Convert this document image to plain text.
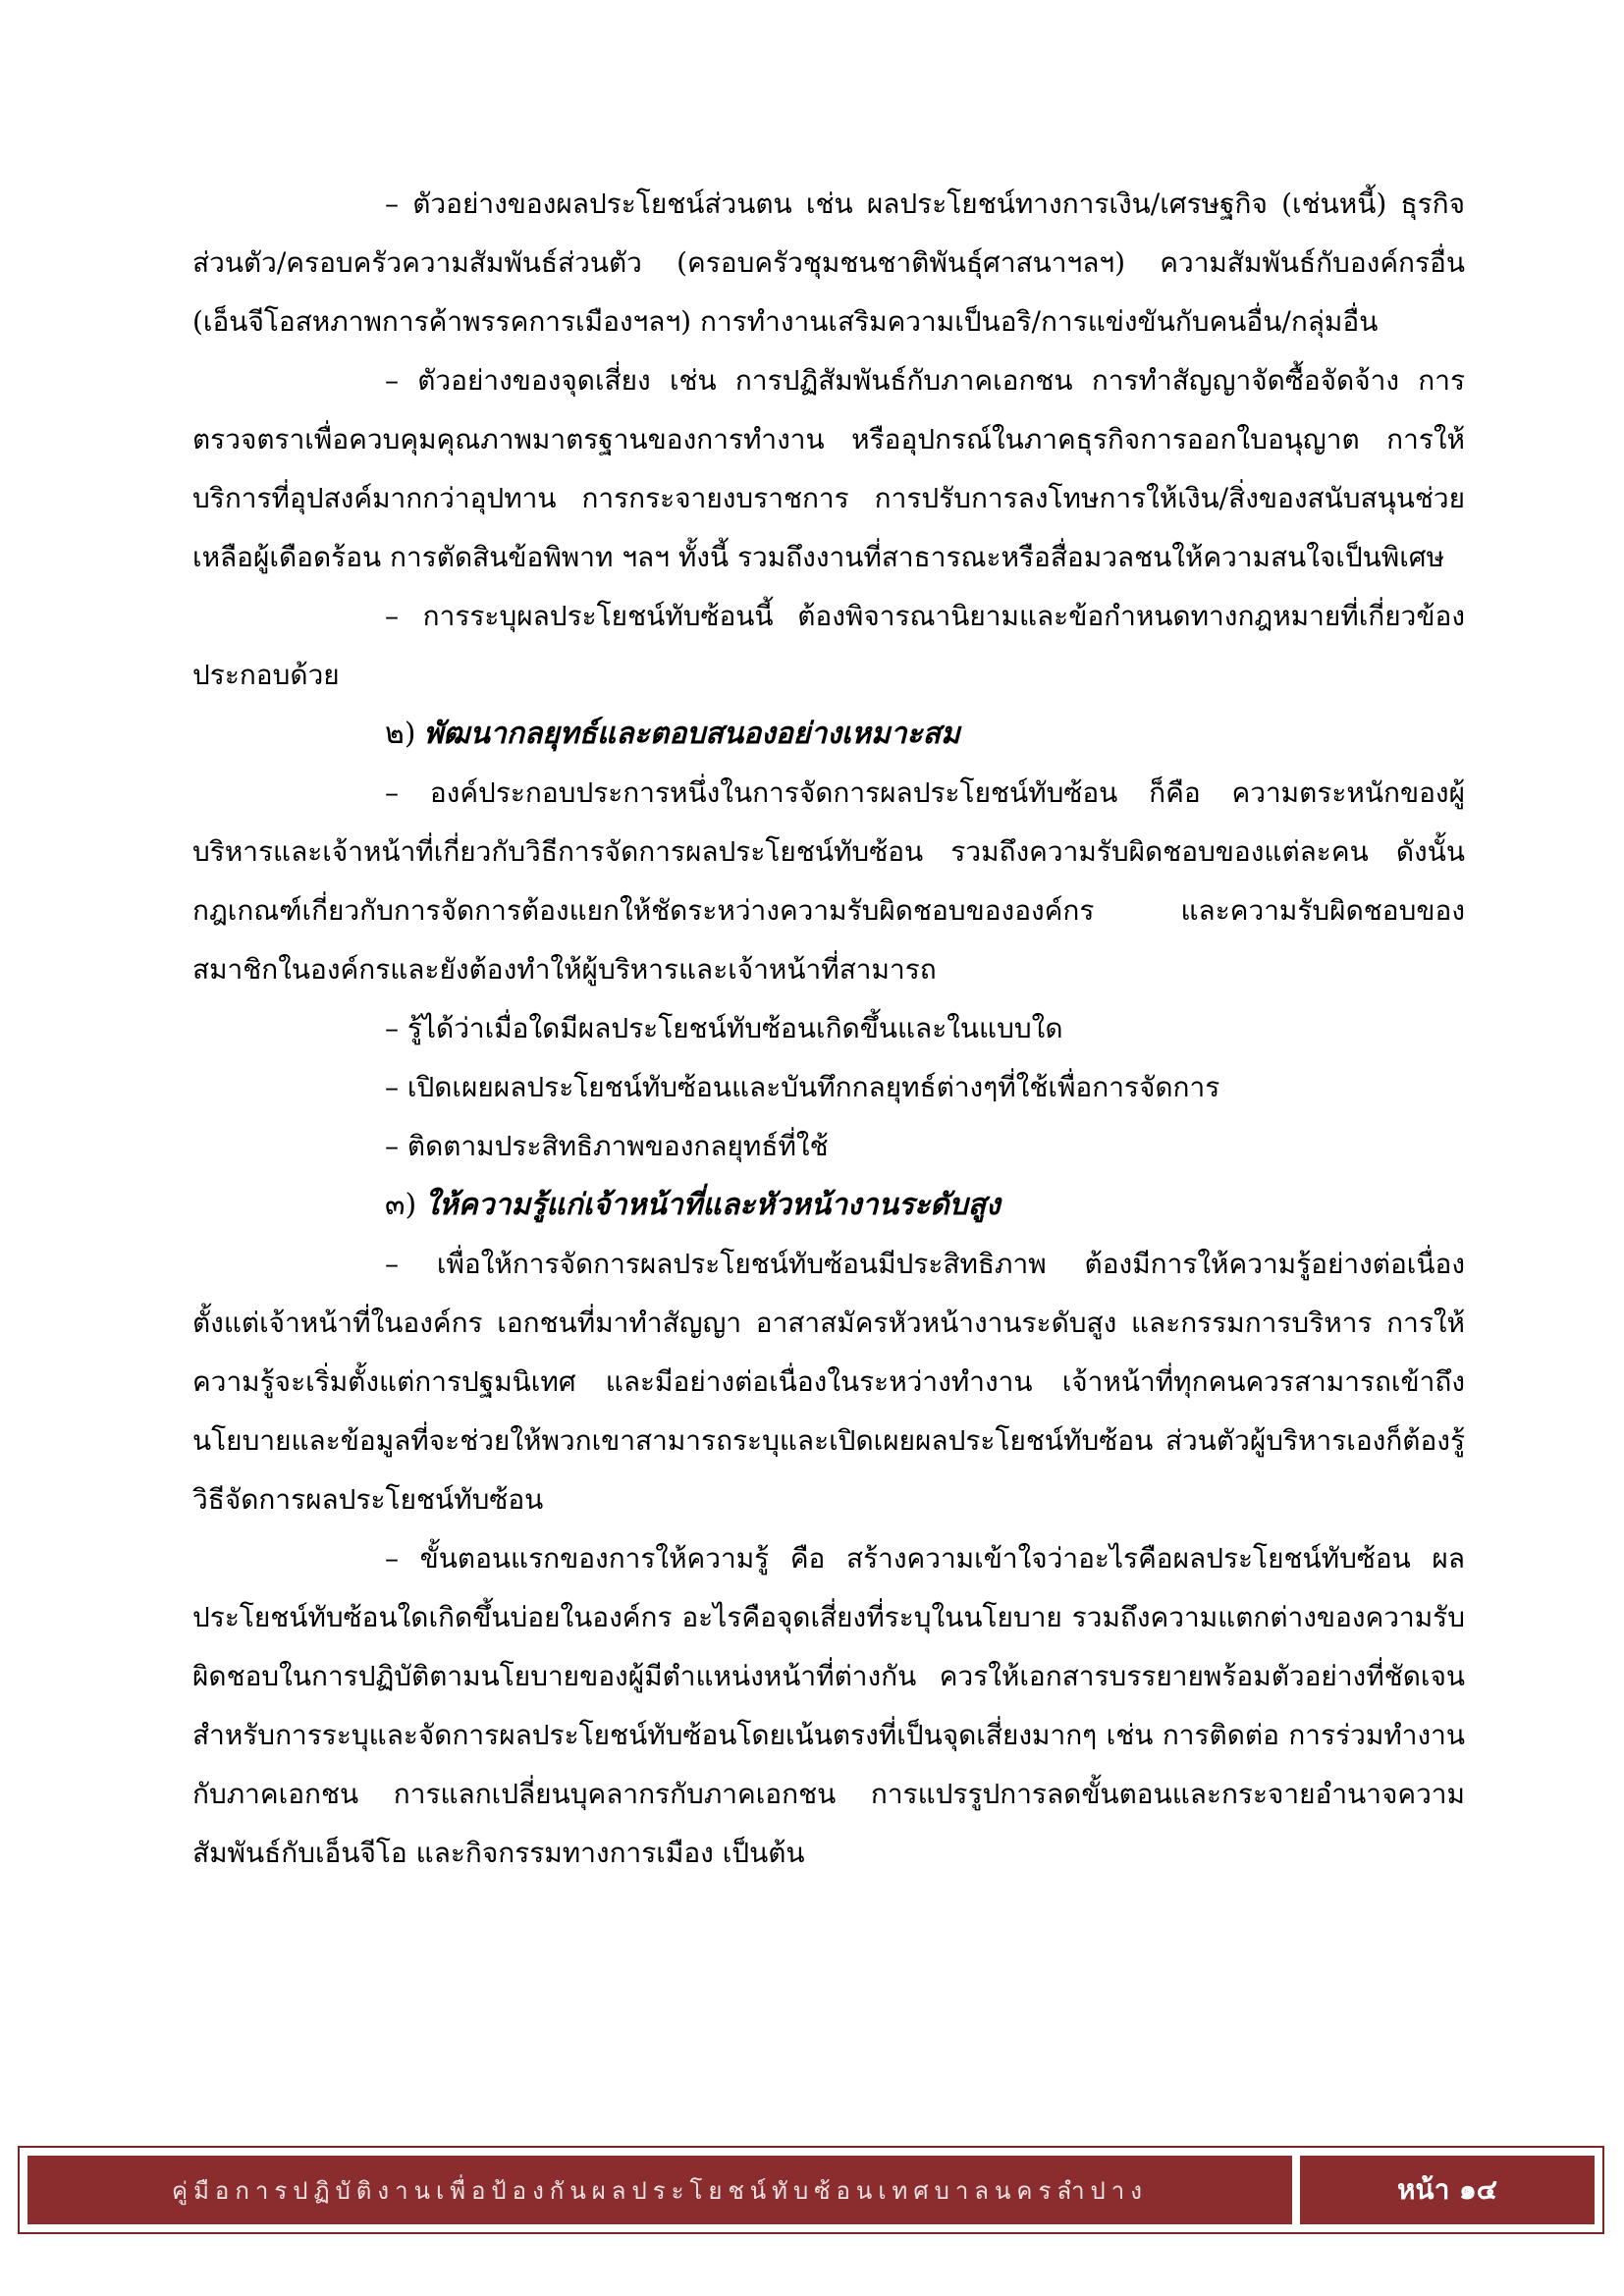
– ตัวอย่างของผลประโยชน์ส่วนตน เช่น ผลประโยชน์ทางการเงิน/เศรษฐกิจ (เช่นหนี้) ธุรกิจส่วนตัว/ครอบครัวความสัมพันธ์ส่วนตัว (ครอบครัวชุมชนชาติพันธุ์ศาสนาฯลฯ) ความสัมพันธ์กับองค์กรอื่น (เอ็นจีโอสหภาพการค้าพรรคการเมืองฯลฯ) การทำงานเสริมความเป็นอริ/การแข่งขันกับคนอื่น/กลุ่มอื่น

– ตัวอย่างของจุดเสี่ยง เช่น การปฏิสัมพันธ์กับภาคเอกชน การทำสัญญาจัดซื้อจัดจ้าง การตรวจตราเพื่อควบคุมคุณภาพมาตรฐานของการทำงาน หรืออุปกรณ์ในภาคธุรกิจการออกใบอนุญาต การให้บริการที่อุปสงค์มากกว่าอุปทาน การกระจายงบราชการ การปรับการลงโทษการให้เงิน/สิ่งของสนับสนุนช่วยเหลือผู้เดือดร้อน การตัดสินข้อพิพาท ฯลฯ ทั้งนี้ รวมถึงงานที่สาธารณะหรือสื่อมวลชนให้ความสนใจเป็นพิเศษ

– การระบุผลประโยชน์ทับซ้อนนี้ ต้องพิจารณานิยามและข้อกำหนดทางกฎหมายที่เกี่ยวข้องประกอบด้วย

๒) พัฒนากลยุทธ์และตอบสนองอย่างเหมาะสม

– องค์ประกอบประการหนึ่งในการจัดการผลประโยชน์ทับซ้อน ก็คือ ความตระหนักของผู้บริหารและเจ้าหน้าที่เกี่ยวกับวิธีการจัดการผลประโยชน์ทับซ้อน รวมถึงความรับผิดชอบของแต่ละคน ดังนั้น กฎเกณฑ์เกี่ยวกับการจัดการต้องแยกให้ชัดระหว่างความรับผิดชอบขององค์กร และความรับผิดชอบของสมาชิกในองค์กรและยังต้องทำให้ผู้บริหารและเจ้าหน้าที่สามารถ

– รู้ได้ว่าเมื่อใดมีผลประโยชน์ทับซ้อนเกิดขึ้นและในแบบใด

– เปิดเผยผลประโยชน์ทับซ้อนและบันทึกกลยุทธ์ต่างๆที่ใช้เพื่อการจัดการ

– ติดตามประสิทธิภาพของกลยุทธ์ที่ใช้

๓) ให้ความรู้แก่เจ้าหน้าที่และหัวหน้างานระดับสูง

– เพื่อให้การจัดการผลประโยชน์ทับซ้อนมีประสิทธิภาพ ต้องมีการให้ความรู้อย่างต่อเนื่องตั้งแต่เจ้าหน้าที่ในองค์กร เอกชนที่มาทำสัญญา อาสาสมัครหัวหน้างานระดับสูง และกรรมการบริหาร การให้ความรู้จะเริ่มตั้งแต่การปฐมนิเทศ และมีอย่างต่อเนื่องในระหว่างทำงาน เจ้าหน้าที่ทุกคนควรสามารถเข้าถึงนโยบายและข้อมูลที่จะช่วยให้พวกเขาสามารถระบุและเปิดเผยผลประโยชน์ทับซ้อน ส่วนตัวผู้บริหารเองก็ต้องรู้วิธีจัดการผลประโยชน์ทับซ้อน

– ขั้นตอนแรกของการให้ความรู้ คือ สร้างความเข้าใจว่าอะไรคือผลประโยชน์ทับซ้อน ผลประโยชน์ทับซ้อนใดเกิดขึ้นบ่อยในองค์กร อะไรคือจุดเสี่ยงที่ระบุในนโยบาย รวมถึงความแตกต่างของความรับผิดชอบในการปฏิบัติตามนโยบายของผู้มีตำแหน่งหน้าที่ต่างกัน ควรให้เอกสารบรรยายพร้อมตัวอย่างที่ชัดเจนสำหรับการระบุและจัดการผลประโยชน์ทับซ้อนโดยเน้นตรงที่เป็นจุดเสี่ยงมากๆ เช่น การติดต่อ การร่วมทำงานกับภาคเอกชน การแลกเปลี่ยนบุคลากรกับภาคเอกชน การแปรรูปการลดขั้นตอนและกระจายอำนาจความสัมพันธ์กับเอ็นจีโอ และกิจกรรมทางการเมือง เป็นต้น

คู่มือการปฏิบัติงานเพื่อป้องกันผลประโยชน์ทับซ้อนเทศบาลนครลำปาง	หน้า ๑๔
